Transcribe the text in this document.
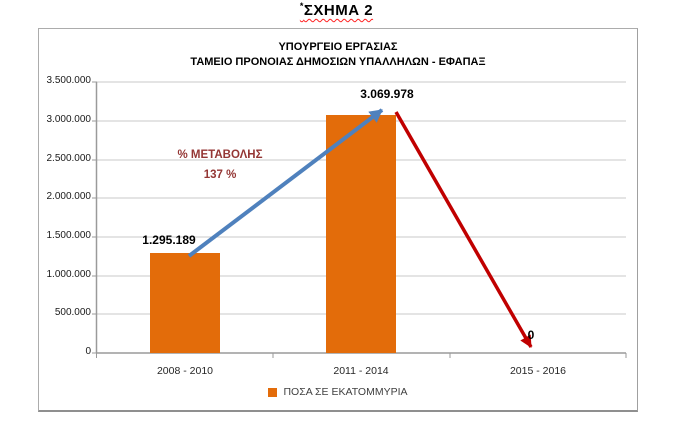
*ΣΧΗΜΑ 2
ΥΠΟΥΡΓΕΙΟ ΕΡΓΑΣΙΑΣ
ΤΑΜΕΙΟ ΠΡΟΝΟΙΑΣ ΔΗΜΟΣΙΩΝ ΥΠΑΛΛΗΛΩΝ - ΕΦΑΠΑΞ
3.500.000
3.000.000
2.500.000
2.000.000
1.500.000
1.000.000
500.000
0
2008 - 2010	2011 - 2014	2015 - 2016
1.295.189
3.069.978
0
% ΜΕΤΑΒΟΛΗΣ
137 %
ΠΟΣΑ ΣΕ ΕΚΑΤΟΜΜΥΡΙΑ
